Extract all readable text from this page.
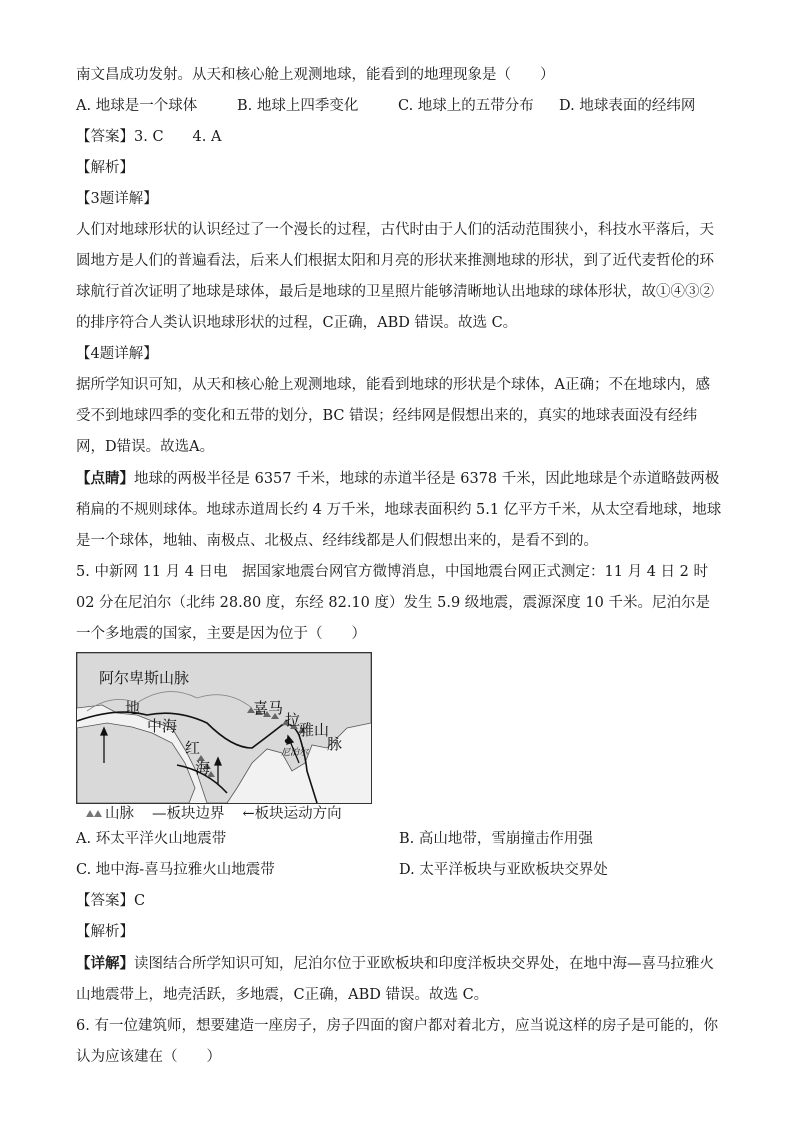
南文昌成功发射。从天和核心舱上观测地球，能看到的地理现象是（　　）

A. 地球是一个球体	B. 地球上四季变化	C. 地球上的五带分布	D. 地球表面的经纬网

【答案】3. C　　4. A

【解析】

【3题详解】

人们对地球形状的认识经过了一个漫长的过程，古代时由于人们的活动范围狭小，科技水平落后，天圆地方是人们的普遍看法，后来人们根据太阳和月亮的形状来推测地球的形状，到了近代麦哲伦的环球航行首次证明了地球是球体，最后是地球的卫星照片能够清晰地认出地球的球体形状，故①④③②的排序符合人类认识地球形状的过程，C正确，ABD 错误。故选 C。

【4题详解】

据所学知识可知，从天和核心舱上观测地球，能看到地球的形状是个球体，A正确；不在地球内，感受不到地球四季的变化和五带的划分，BC 错误；经纬网是假想出来的，真实的地球表面没有经纬网，D错误。故选A。

【点睛】地球的两极半径是 6357 千米，地球的赤道半径是 6378 千米，因此地球是个赤道略鼓两极稍扁的不规则球体。地球赤道周长约 4 万千米，地球表面积约 5.1 亿平方千米，从太空看地球，地球是一个球体，地轴、南极点、北极点、经纬线都是人们假想出来的，是看不到的。

5. 中新网 11 月 4 日电　据国家地震台网官方微博消息，中国地震台网正式测定：11 月 4 日 2 时 02 分在尼泊尔（北纬 28.80 度，东经 82.10 度）发生 5.9 级地震，震源深度 10 千米。尼泊尔是一个多地震的国家，主要是因为位于（　　）

阿尔卑斯山脉
地
中海
红
海
喜马
拉
雅山
脉
尼泊尔
山脉 —板块边界 ←板块运动方向
A. 环太平洋火山地震带	B. 高山地带，雪崩撞击作用强
C. 地中海-喜马拉雅火山地震带	D. 太平洋板块与亚欧板块交界处

【答案】C

【解析】

【详解】读图结合所学知识可知，尼泊尔位于亚欧板块和印度洋板块交界处，在地中海—喜马拉雅火山地震带上，地壳活跃，多地震，C正确，ABD 错误。故选 C。

6. 有一位建筑师，想要建造一座房子，房子四面的窗户都对着北方，应当说这样的房子是可能的，你认为应该建在（　　）
